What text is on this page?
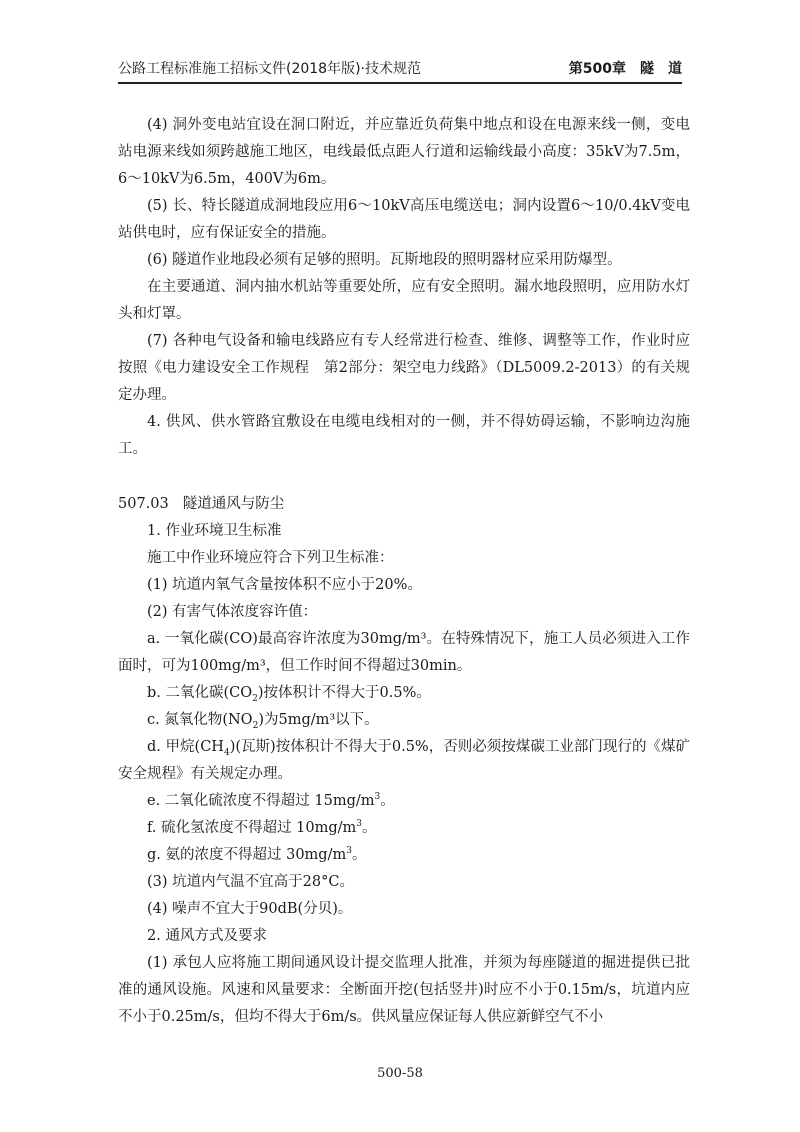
公路工程标准施工招标文件(2018年版)·技术规范	第500章　隧　道

(4) 洞外变电站宜设在洞口附近，并应靠近负荷集中地点和设在电源来线一侧，变电站电源来线如须跨越施工地区，电线最低点距人行道和运输线最小高度：35kV为7.5m，6～10kV为6.5m，400V为6m。

(5) 长、特长隧道成洞地段应用6～10kV高压电缆送电；洞内设置6～10/0.4kV变电站供电时，应有保证安全的措施。

(6) 隧道作业地段必须有足够的照明。瓦斯地段的照明器材应采用防爆型。

在主要通道、洞内抽水机站等重要处所，应有安全照明。漏水地段照明，应用防水灯头和灯罩。

(7) 各种电气设备和输电线路应有专人经常进行检查、维修、调整等工作，作业时应按照《电力建设安全工作规程　第2部分：架空电力线路》（DL5009.2-2013）的有关规定办理。

4. 供风、供水管路宜敷设在电缆电线相对的一侧，并不得妨碍运输，不影响边沟施工。

507.03 隧道通风与防尘

1. 作业环境卫生标准

施工中作业环境应符合下列卫生标准：

(1) 坑道内氧气含量按体积不应小于20%。

(2) 有害气体浓度容许值：

a. 一氧化碳(CO)最高容许浓度为30mg/m³。在特殊情况下，施工人员必须进入工作面时，可为100mg/m³，但工作时间不得超过30min。

b. 二氧化碳$(CO_2)$按体积计不得大于0.5%。

c. 氮氧化物$(NO_2)$为5mg/m³以下。

d. 甲烷$(CH_4)$(瓦斯)按体积计不得大于0.5%，否则必须按煤碳工业部门现行的《煤矿安全规程》有关规定办理。

e. 二氧化硫浓度不得超过 $15mg/m^3$。

f. 硫化氢浓度不得超过 $10mg/m^3$。

g. 氨的浓度不得超过 $30mg/m^3$。

(3) 坑道内气温不宜高于28°C。

(4) 噪声不宜大于90dB(分贝)。

2. 通风方式及要求

(1) 承包人应将施工期间通风设计提交监理人批准，并须为每座隧道的掘进提供已批准的通风设施。风速和风量要求：全断面开挖(包括竖井)时应不小于0.15m/s，坑道内应不小于0.25m/s，但均不得大于6m/s。供风量应保证每人供应新鲜空气不小

500-58
